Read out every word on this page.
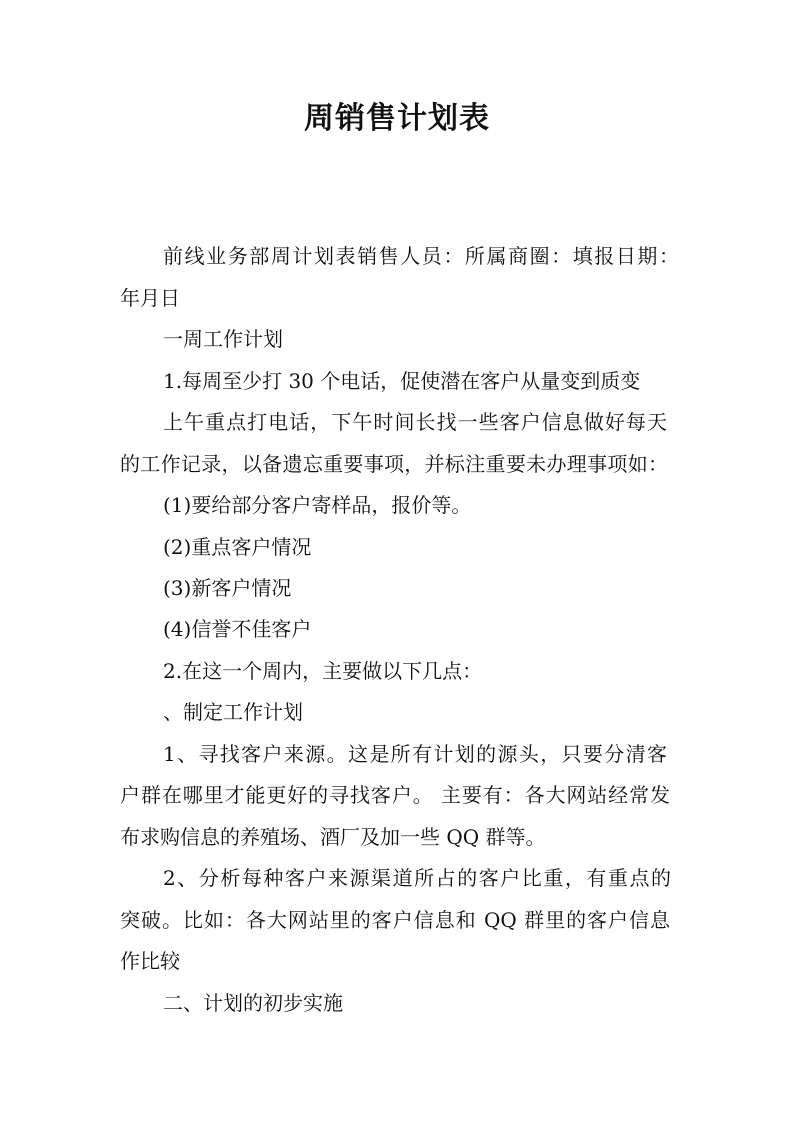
周销售计划表
前线业务部周计划表销售人员：所属商圈：填报日期：
年月日
一周工作计划
1.每周至少打 30 个电话，促使潜在客户从量变到质变
上午重点打电话，下午时间长找一些客户信息做好每天
的工作记录，以备遗忘重要事项，并标注重要未办理事项如：
(1)要给部分客户寄样品，报价等。
(2)重点客户情况
(3)新客户情况
(4)信誉不佳客户
2.在这一个周内，主要做以下几点：
、制定工作计划
1、寻找客户来源。这是所有计划的源头，只要分清客
户群在哪里才能更好的寻找客户。 主要有：各大网站经常发
布求购信息的养殖场、酒厂及加一些 QQ 群等。
2、分析每种客户来源渠道所占的客户比重，有重点的
突破。比如：各大网站里的客户信息和 QQ 群里的客户信息
作比较
二、计划的初步实施
